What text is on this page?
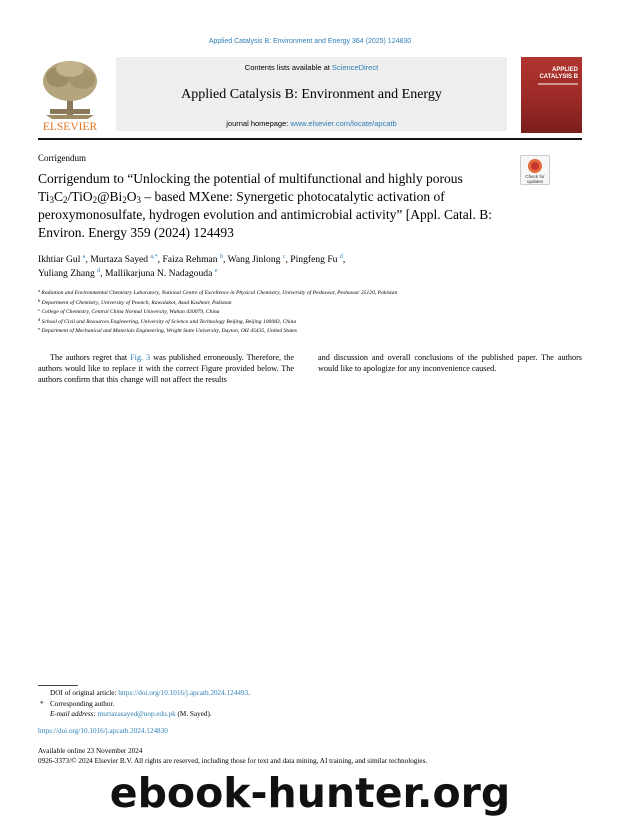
Applied Catalysis B: Environment and Energy 364 (2025) 124830
ELSEVIER
Contents lists available at ScienceDirect
Applied Catalysis B: Environment and Energy
journal homepage: www.elsevier.com/locate/apcatb
APPLIED
CATALYSIS B
Corrigendum
Check for
updates
Corrigendum to “Unlocking the potential of multifunctional and highly porous $Ti_3C_2/TiO_2@Bi_2O_3$ – based MXene: Synergetic photocatalytic activation of peroxymonosulfate, hydrogen evolution and antimicrobial activity” [Appl. Catal. B: Environ. Energy 359 (2024) 124493
Ikhtiar Gul $^a$, Murtaza Sayed $^{a,*}$, Faiza Rehman $^b$, Wang Jinlong $^c$, Pingfeng Fu $^d$,
Yuliang Zhang $^d$, Mallikarjuna N. Nadagouda $^e$
$^a$ Radiation and Environmental Chemistry Laboratory, National Centre of Excellence in Physical Chemistry, University of Peshawar, Peshawar 25120, Pakistan
$^b$ Department of Chemistry, University of Poonch, Rawalakot, Azad Kashmir, Pakistan
$^c$ College of Chemistry, Central China Normal University, Wuhan 430079, China
$^d$ School of Civil and Resources Engineering, University of Science and Technology Beijing, Beijing 100083, China
$^e$ Department of Mechanical and Materials Engineering, Wright State University, Dayton, OH 45435, United States
The authors regret that Fig. 3 was published erroneously. Therefore, the authors would like to replace it with the correct Figure provided below. The authors confirm that this change will not affect the results
and discussion and overall conclusions of the published paper. The authors would like to apologize for any inconvenience caused.
DOI of original article: https://doi.org/10.1016/j.apcatb.2024.124493.
* Corresponding author.
E-mail address: murtazasayed@uop.edu.pk (M. Sayed).
https://doi.org/10.1016/j.apcatb.2024.124830
Available online 23 November 2024
0926-3373/© 2024 Elsevier B.V. All rights are reserved, including those for text and data mining, AI training, and similar technologies.
ebook-hunter.org
